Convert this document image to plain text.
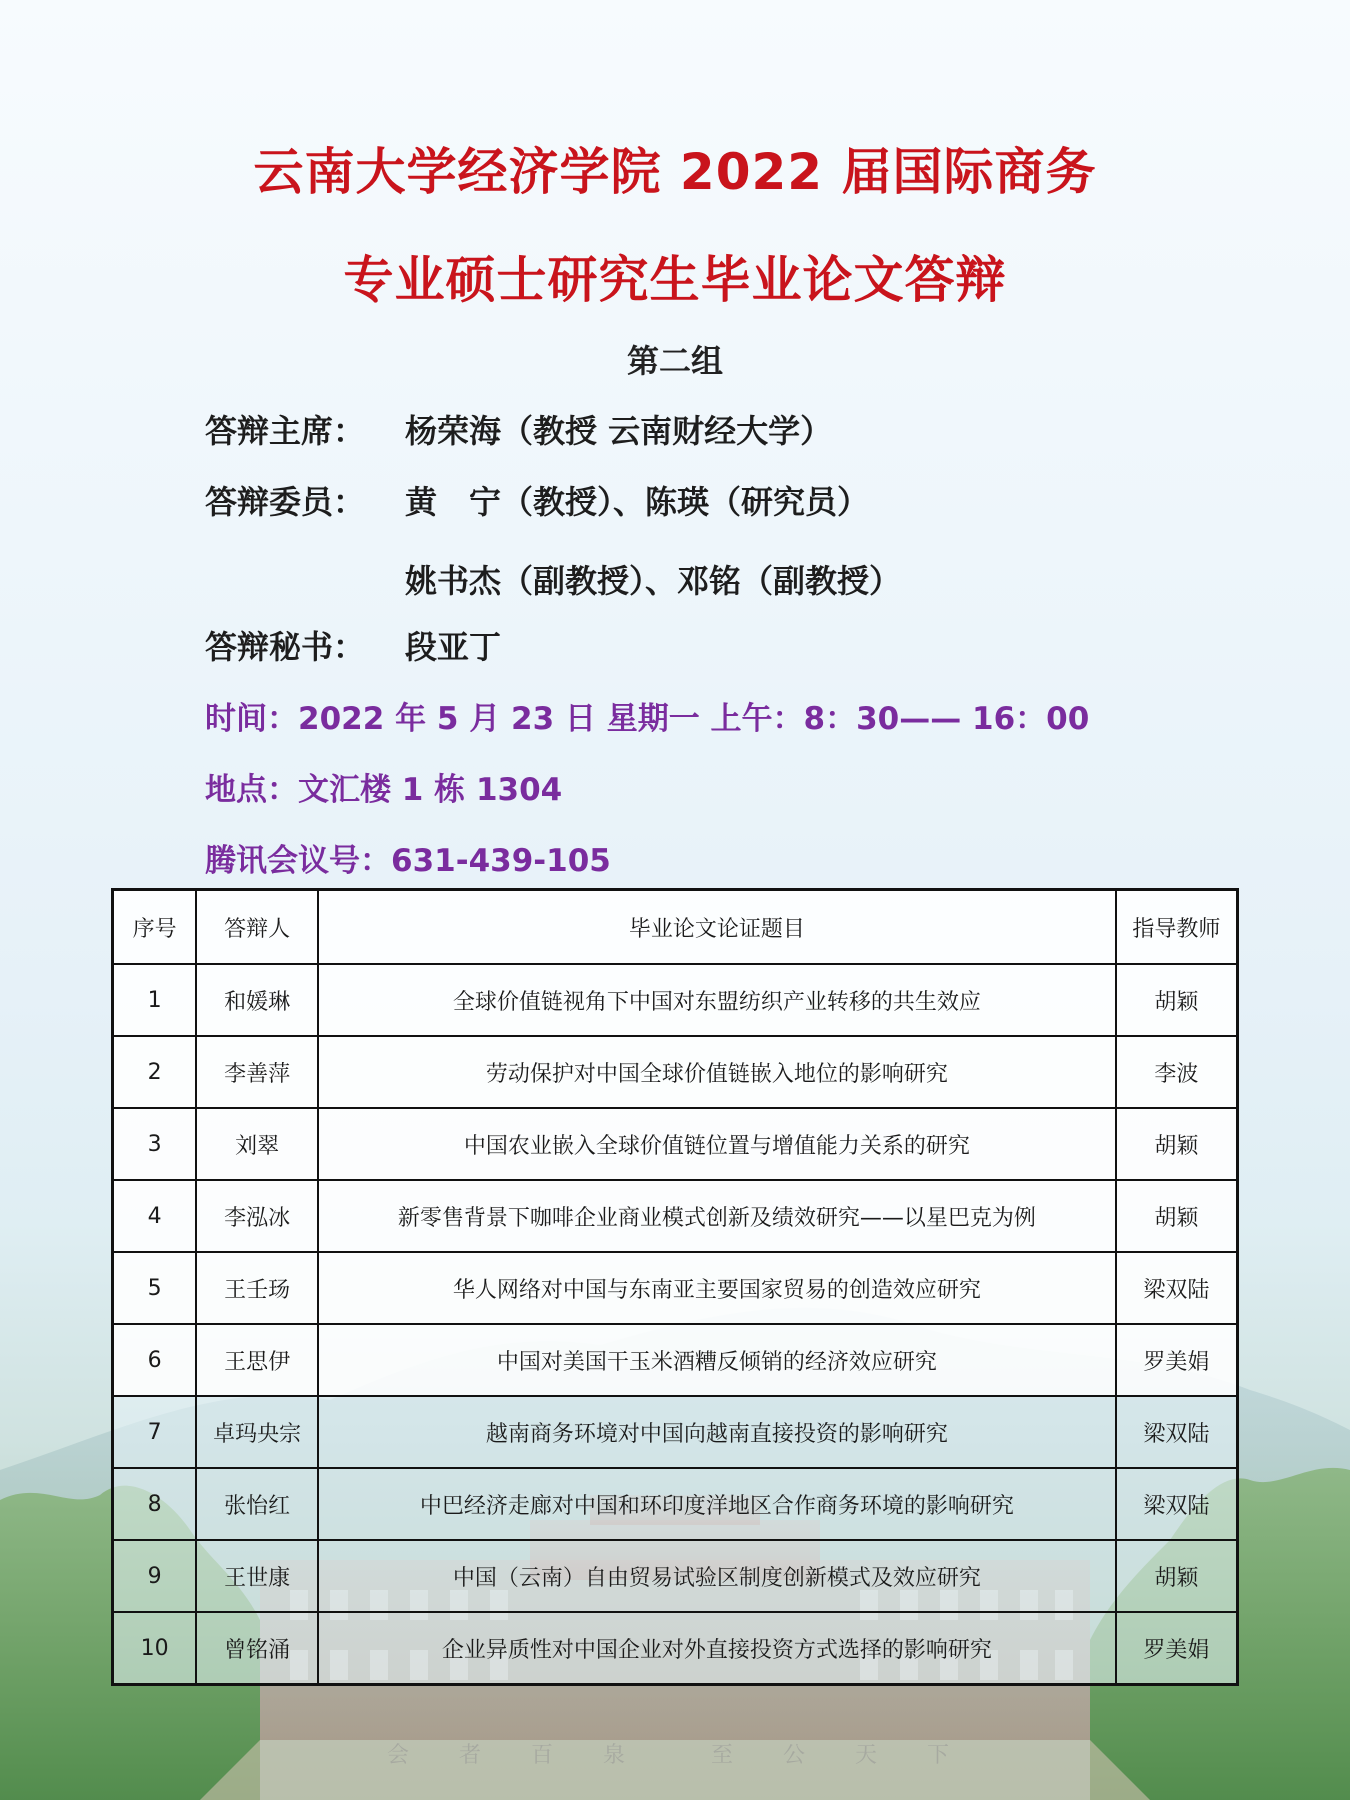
云南大学经济学院 2022 届国际商务
专业硕士研究生毕业论文答辩
第二组
答辩主席： 杨荣海（教授 云南财经大学）
答辩委员： 黄　宁（教授）、陈瑛（研究员）
姚书杰（副教授）、邓铭（副教授）
答辩秘书： 段亚丁
时间：2022 年 5 月 23 日 星期一 上午：8：30—— 16：00
地点：文汇楼 1 栋 1304
腾讯会议号：631-439-105
序号	答辩人	毕业论文论证题目	指导教师
1	和媛琳	全球价值链视角下中国对东盟纺织产业转移的共生效应	胡颖
2	李善萍	劳动保护对中国全球价值链嵌入地位的影响研究	李波
3	刘翠	中国农业嵌入全球价值链位置与增值能力关系的研究	胡颖
4	李泓冰	新零售背景下咖啡企业商业模式创新及绩效研究——以星巴克为例	胡颖
5	王壬玚	华人网络对中国与东南亚主要国家贸易的创造效应研究	梁双陆
6	王思伊	中国对美国干玉米酒糟反倾销的经济效应研究	罗美娟
7	卓玛央宗	越南商务环境对中国向越南直接投资的影响研究	梁双陆
8	张怡红	中巴经济走廊对中国和环印度洋地区合作商务环境的影响研究	梁双陆
9	王世康	中国（云南）自由贸易试验区制度创新模式及效应研究	胡颖
10	曾铭涌	企业异质性对中国企业对外直接投资方式选择的影响研究	罗美娟
会　者　百　泉　　至　公　天　下
